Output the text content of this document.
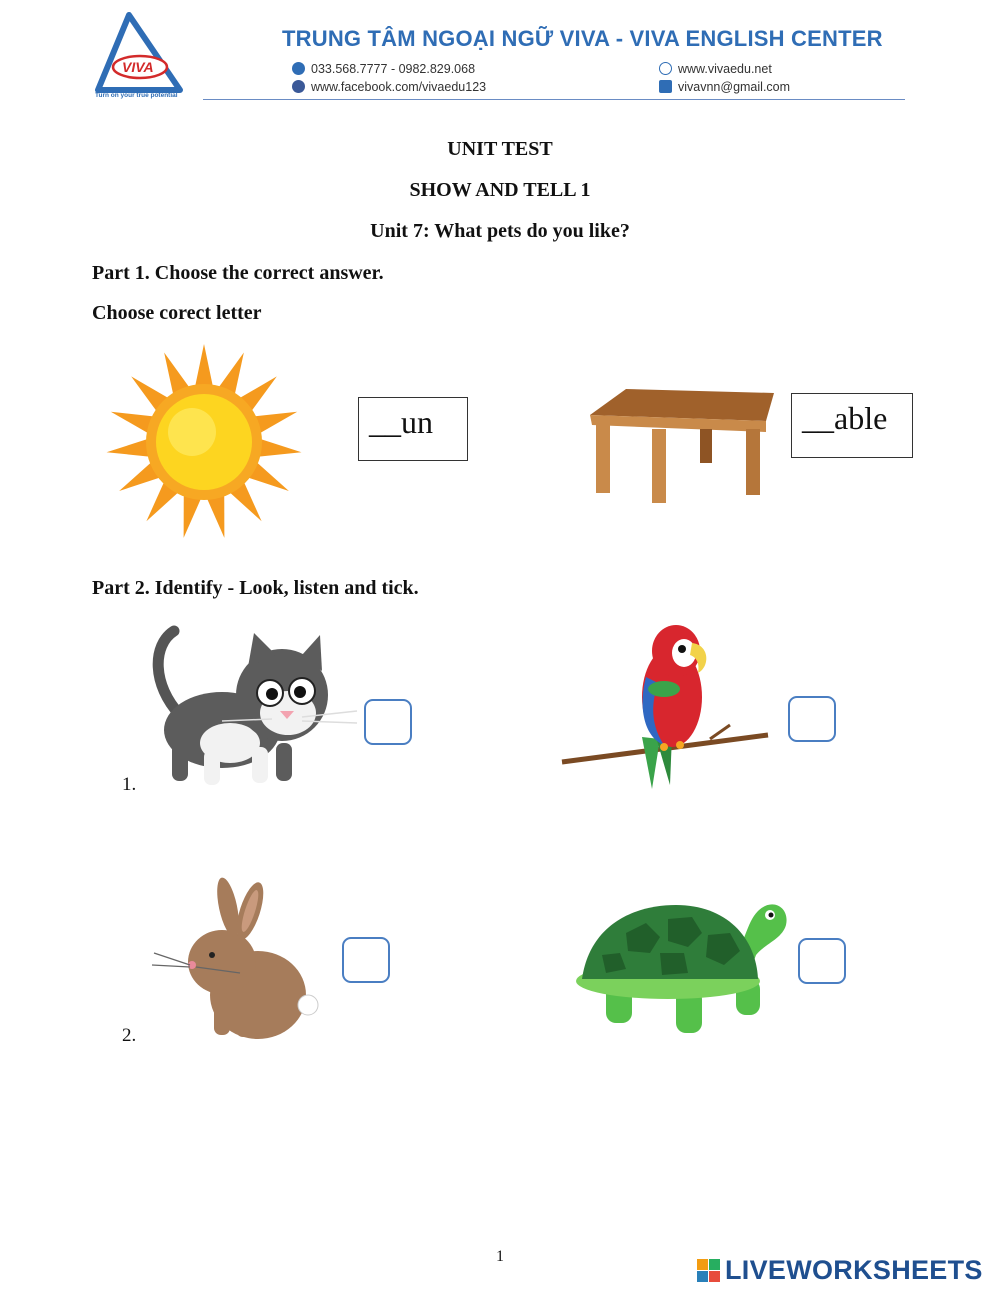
VIVA
Turn on your true potential
TRUNG TÂM NGOẠI NGỮ VIVA - VIVA ENGLISH CENTER
033.568.7777 - 0982.829.068
www.facebook.com/vivaedu123
www.vivaedu.net
vivavnn@gmail.com
UNIT TEST
SHOW AND TELL 1
Unit 7: What pets do you like?
Part 1. Choose the correct answer.
Choose corect letter
__un	__able
Part 2. Identify - Look, listen and tick.
1.
2.
1	LIVEWORKSHEETS
